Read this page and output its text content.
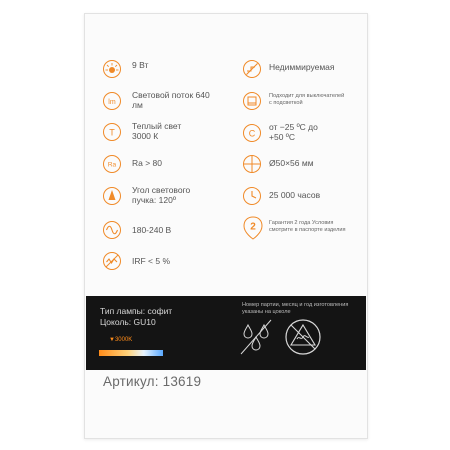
9 Вт
lm
Световой поток 640 лм
T
Теплый свет 3000 К
Ra Ra > 80
Угол светового пучка: 120º
180-240 В
IRF < 5 %
Недиммируемая
Подходит для выключателей с подсветкой
C
от −25 ºС до +50 ºС
Ø50×56 мм
25 000 часов
2 Гарантия 2 года Условия смотрите в паспорте изделия
Тип лампы: софит
Цоколь: GU10
▼3000K
Номер партии, месяц и год изготовления указаны на цоколе
Артикул: 13619
